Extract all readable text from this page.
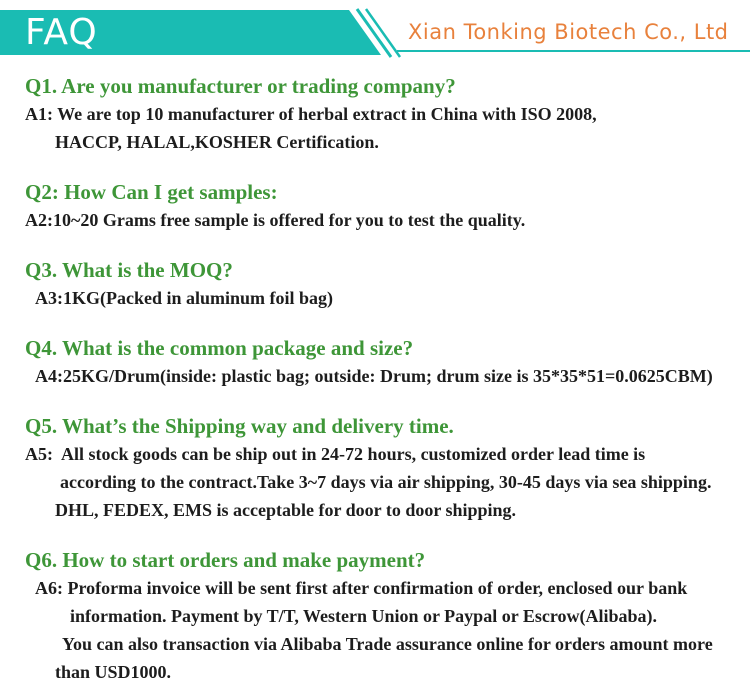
FAQ	Xian Tonking Biotech Co., Ltd
Q1. Are you manufacturer or trading company?
A1: We are top 10 manufacturer of herbal extract in China with ISO 2008,
HACCP, HALAL,KOSHER Certification.
Q2: How Can I get samples:
A2:10~20 Grams free sample is offered for you to test the quality.
Q3. What is the MOQ?
A3:1KG(Packed in aluminum foil bag)
Q4. What is the common package and size?
A4:25KG/Drum(inside: plastic bag; outside: Drum; drum size is 35*35*51=0.0625CBM)
Q5. What’s the Shipping way and delivery time.
A5:  All stock goods can be ship out in 24-72 hours, customized order lead time is
according to the contract.Take 3~7 days via air shipping, 30-45 days via sea shipping.
DHL, FEDEX, EMS is acceptable for door to door shipping.
Q6. How to start orders and make payment?
A6: Proforma invoice will be sent first after confirmation of order, enclosed our bank
information. Payment by T/T, Western Union or Paypal or Escrow(Alibaba).
You can also transaction via Alibaba Trade assurance online for orders amount more
than USD1000.
